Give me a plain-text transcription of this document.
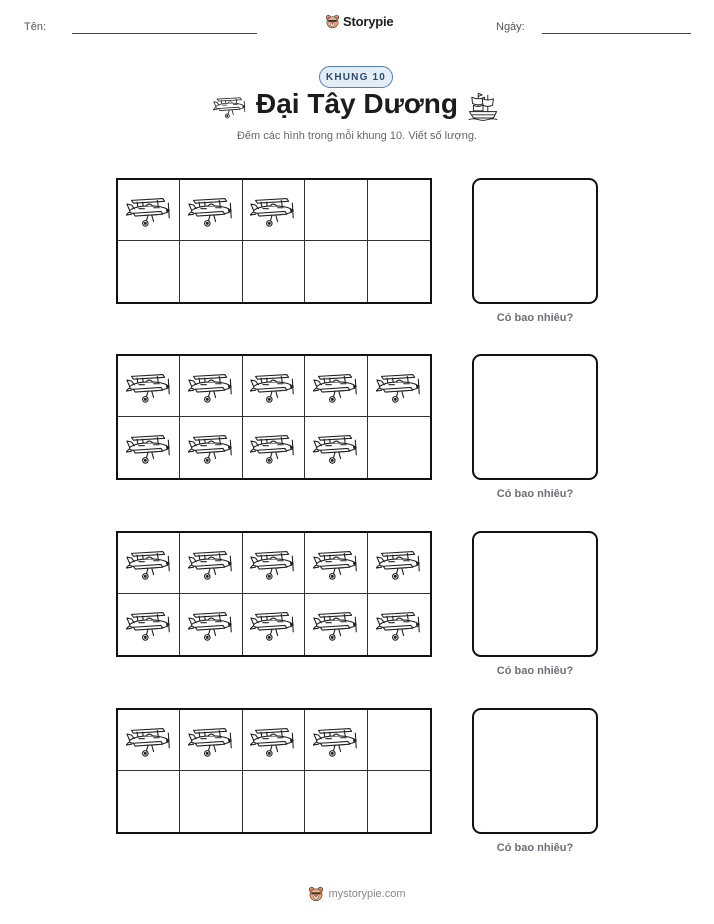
Tên:	Storypie	Ngày:
KHUNG 10
Đại Tây Dương
Đếm các hình trong mỗi khung 10. Viết số lượng.
Có bao nhiêu?
Có bao nhiêu?
Có bao nhiêu?
Có bao nhiêu?
mystorypie.com
